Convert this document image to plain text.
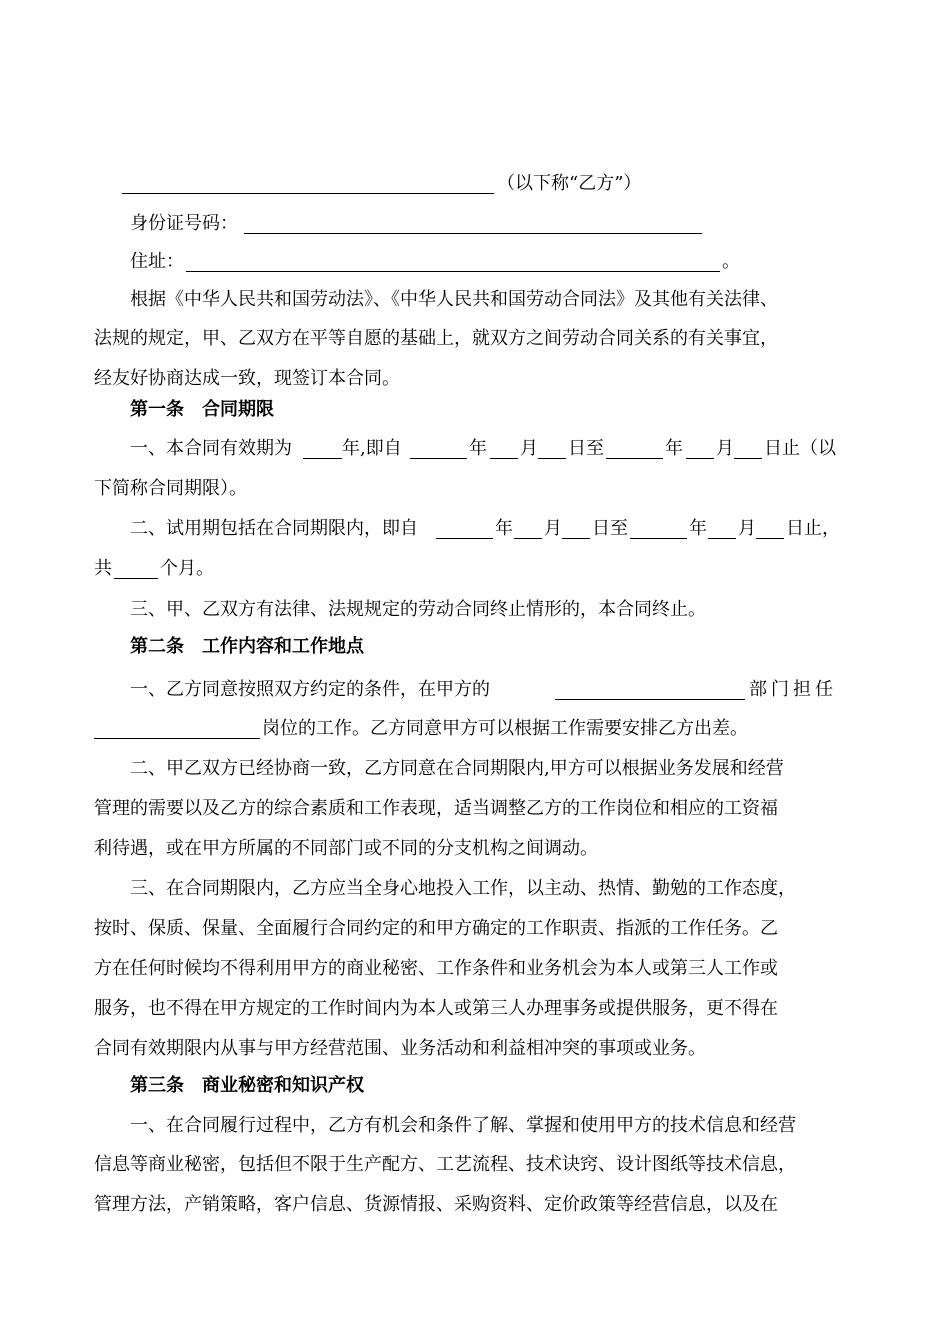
（以下称“乙方”）
身份证号码：
住址：	。
根据《中华人民共和国劳动法》、《中华人民共和国劳动合同法》及其他有关法律、
法规的规定，甲、乙双方在平等自愿的基础上，就双方之间劳动合同关系的有关事宜，
经友好协商达成一致，现签订本合同。
第一条　合同期限
一、本合同有效期为	年,即自	年 月 日至	年 月 日止（以
下简称合同期限）。
二、试用期包括在合同期限内，即自	年 月 日至	年 月 日止，
共	个月。
三、甲、乙双方有法律、法规规定的劳动合同终止情形的，本合同终止。
第二条　工作内容和工作地点
一、乙方同意按照双方约定的条件，在甲方的	部门担任
岗位的工作。乙方同意甲方可以根据工作需要安排乙方出差。
二、甲乙双方已经协商一致，乙方同意在合同期限内,甲方可以根据业务发展和经营
管理的需要以及乙方的综合素质和工作表现，适当调整乙方的工作岗位和相应的工资福
利待遇，或在甲方所属的不同部门或不同的分支机构之间调动。
三、在合同期限内，乙方应当全身心地投入工作，以主动、热情、勤勉的工作态度，
按时、保质、保量、全面履行合同约定的和甲方确定的工作职责、指派的工作任务。乙
方在任何时候均不得利用甲方的商业秘密、工作条件和业务机会为本人或第三人工作或
服务，也不得在甲方规定的工作时间内为本人或第三人办理事务或提供服务，更不得在
合同有效期限内从事与甲方经营范围、业务活动和利益相冲突的事项或业务。
第三条　商业秘密和知识产权
一、在合同履行过程中，乙方有机会和条件了解、掌握和使用甲方的技术信息和经营
信息等商业秘密，包括但不限于生产配方、工艺流程、技术诀窍、设计图纸等技术信息，
管理方法，产销策略，客户信息、货源情报、采购资料、定价政策等经营信息，以及在
